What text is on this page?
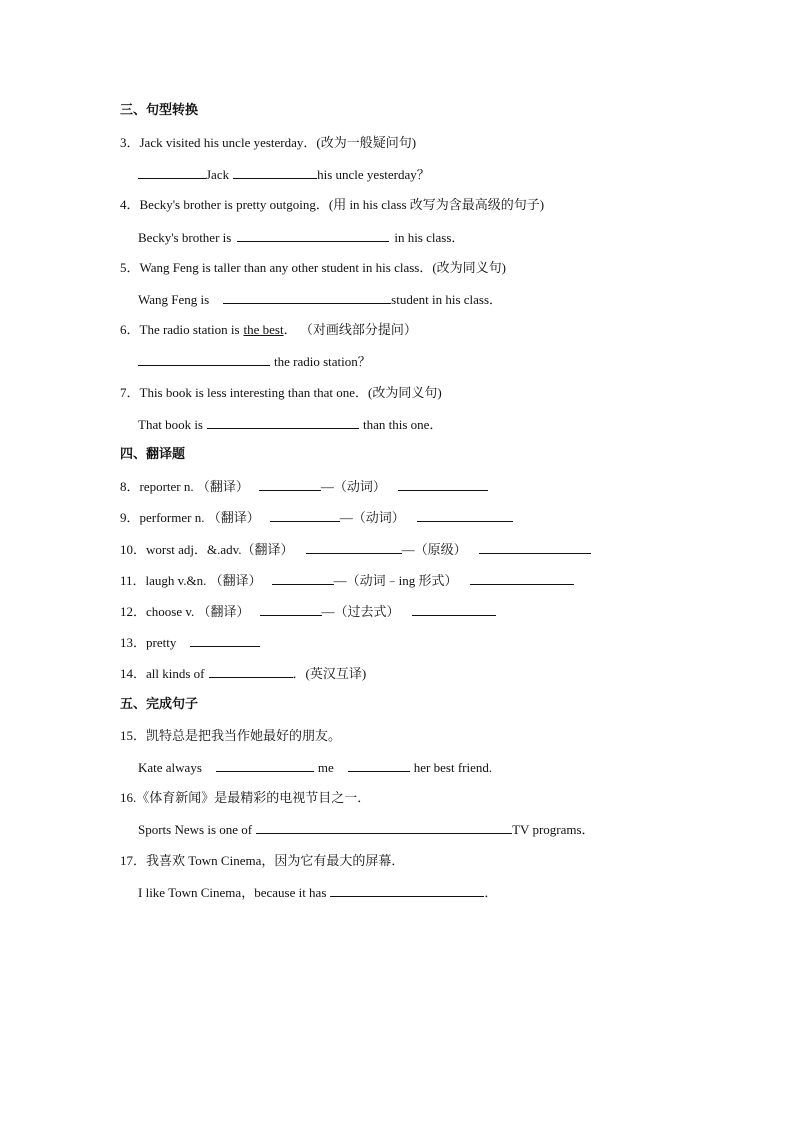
三、句型转换
3．Jack visited his uncle yesterday．(改为一般疑问句)
Jack	his uncle yesterday？
4．Becky's brother is pretty outgoing．(用 in his class 改写为含最高级的句子)
Becky's brother is	in his class．
5．Wang Feng is taller than any other student in his class．(改为同义句)
Wang Feng is	student in his class．
6．The radio station is the best． （对画线部分提问）
the radio station？
7．This book is less interesting than that one．(改为同义句)
That book is	than this one．
四、翻译题
8．reporter n. （翻译）	—（动词）
9．performer n. （翻译）	—（动词）
10．worst adj．&.adv.（翻译）	—（原级）
11．laugh v.&n. （翻译）	—（动词﹣ing 形式）
12．choose v. （翻译）	—（过去式）
13．pretty
14．all kinds of	．(英汉互译)
五、完成句子
15．凯特总是把我当作她最好的朋友。
Kate always	me	her best friend.
16.《体育新闻》是最精彩的电视节目之一．
Sports News is one of	TV programs．
17．我喜欢 Town Cinema，因为它有最大的屏幕．
I like Town Cinema，because it has	．
